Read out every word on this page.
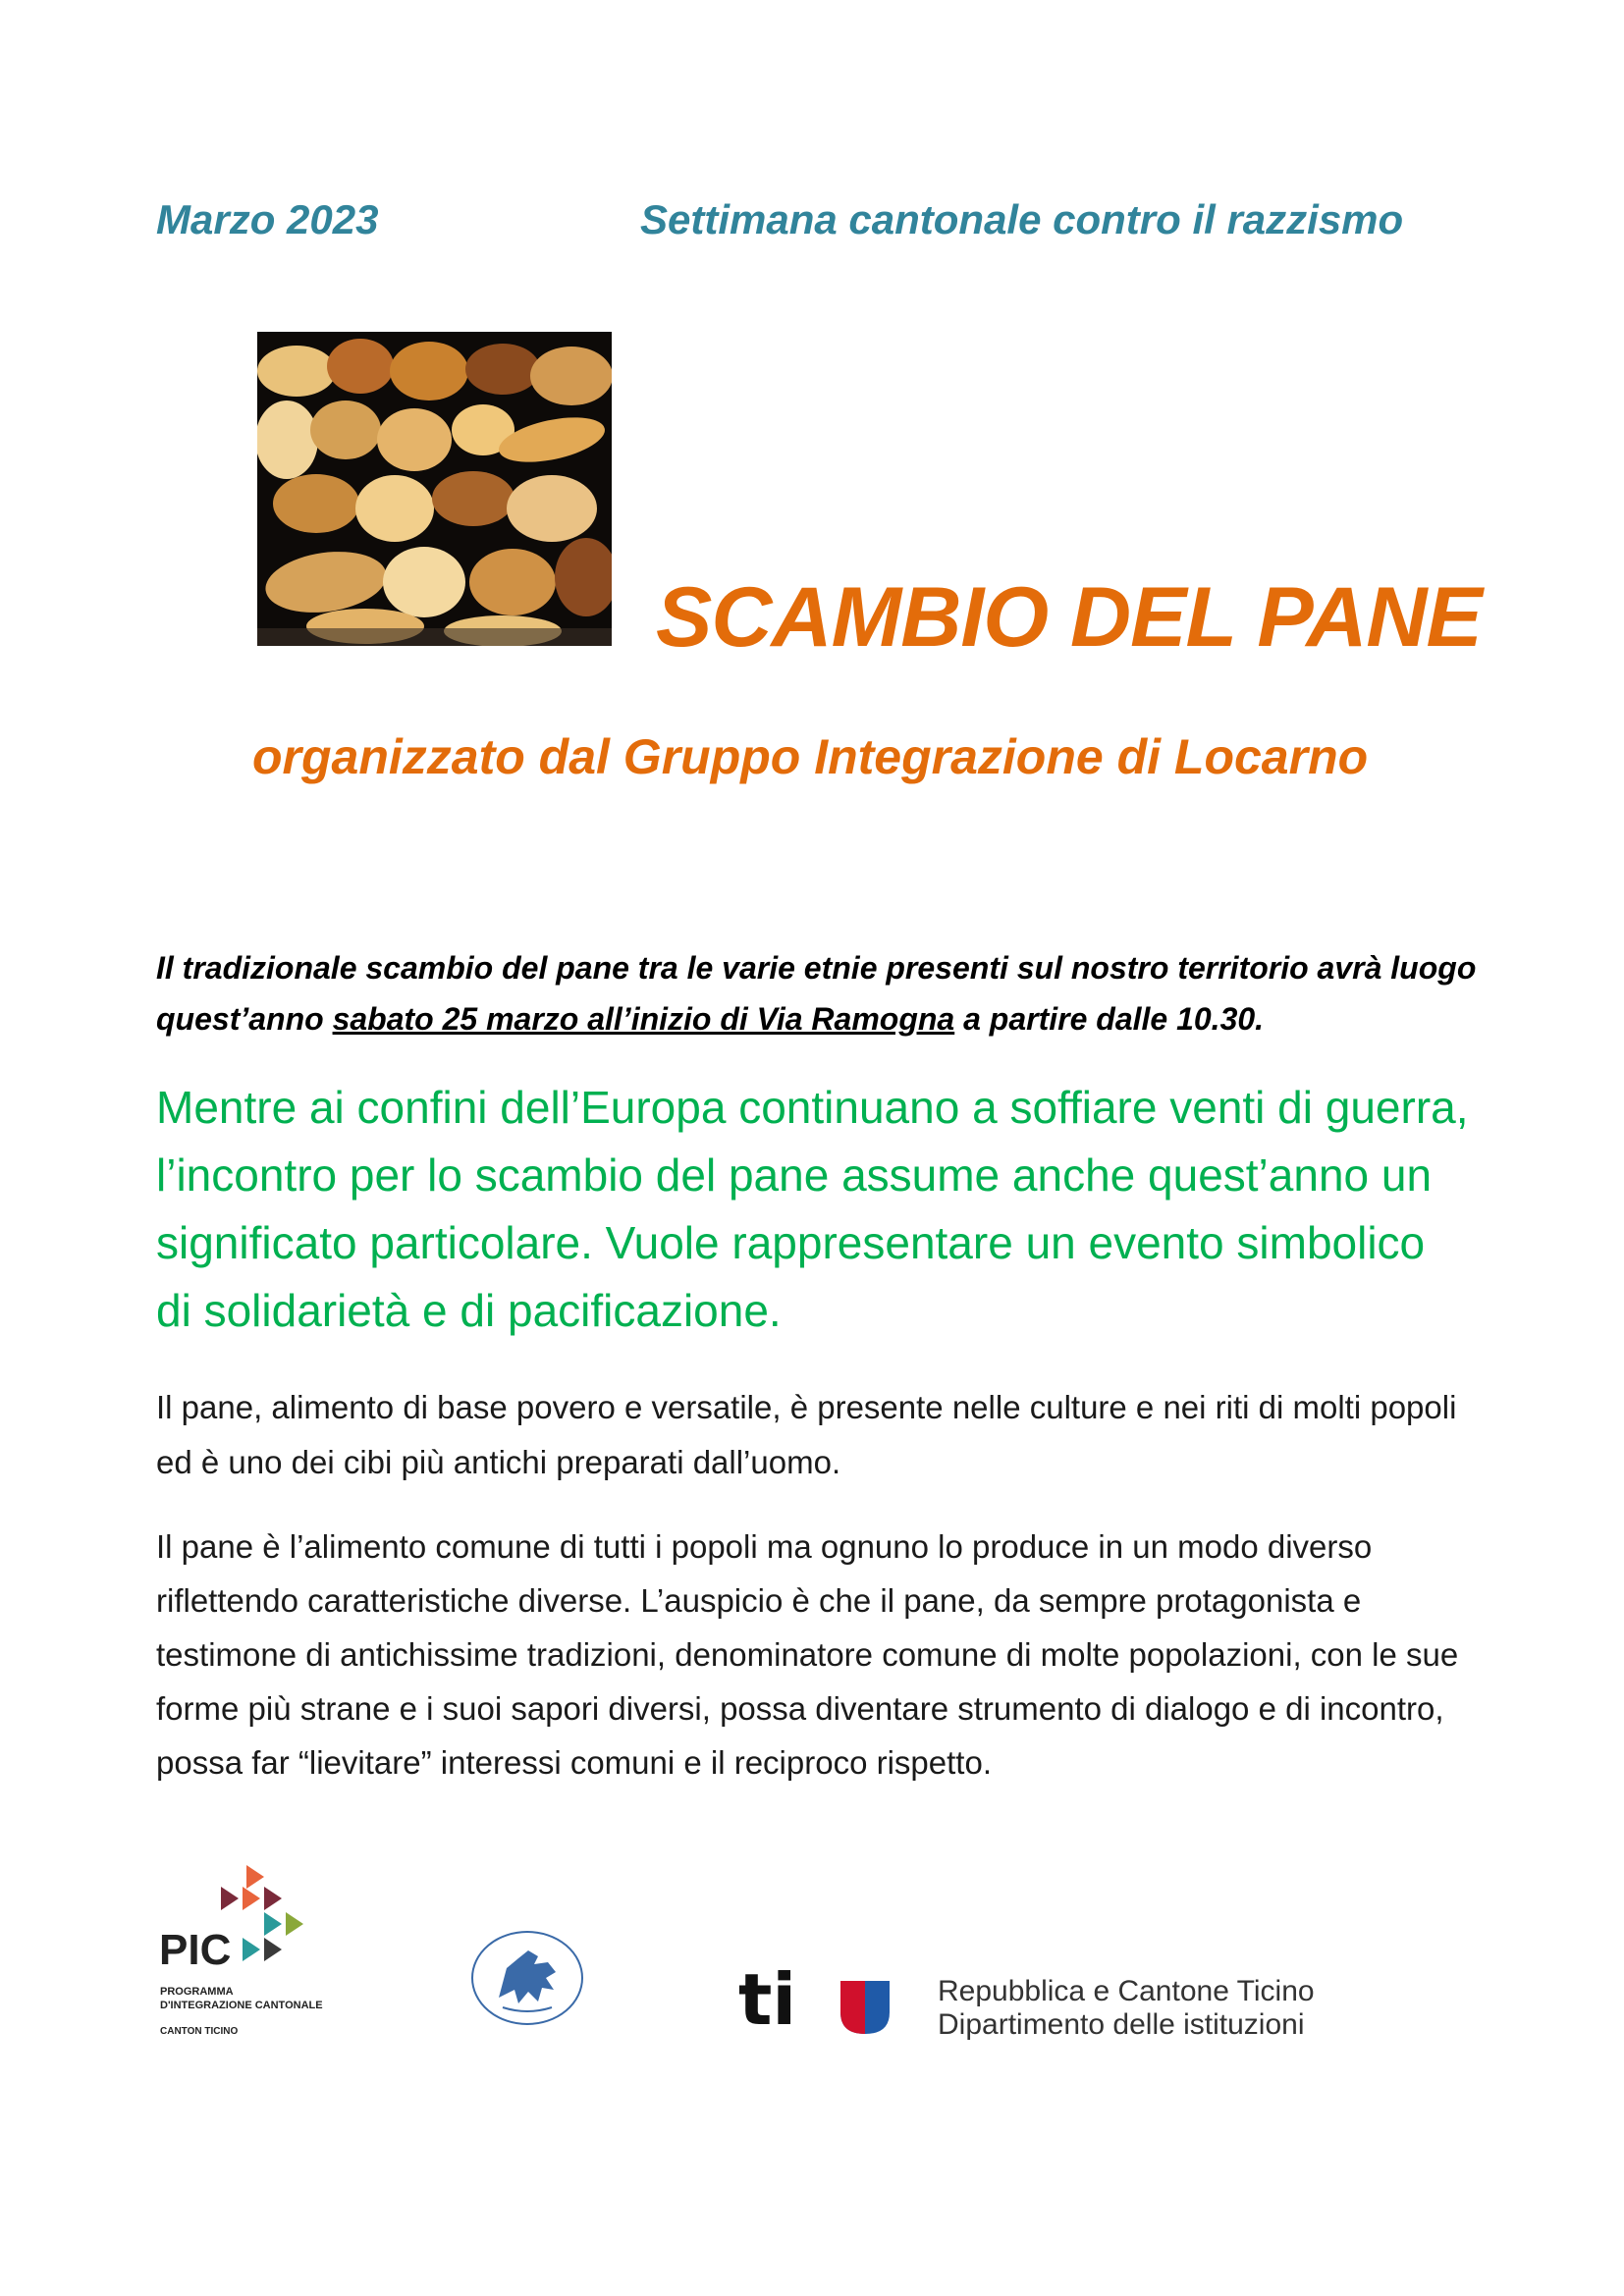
Marzo 2023	Settimana cantonale contro il razzismo
SCAMBIO DEL PANE
organizzato dal Gruppo Integrazione di Locarno
Il tradizionale scambio del pane tra le varie etnie presenti sul nostro territorio avrà luogo quest’anno sabato 25 marzo all’inizio di Via Ramogna a partire dalle 10.30.
Mentre ai confini dell’Europa continuano a soffiare venti di guerra, l’incontro per lo scambio del pane assume anche quest’anno un significato particolare. Vuole rappresentare un evento simbolico di solidarietà e di pacificazione.

Il pane, alimento di base povero e versatile, è presente nelle culture e nei riti di molti popoli ed è uno dei cibi più antichi preparati dall’uomo.

Il pane è l’alimento comune di tutti i popoli ma ognuno lo produce in un modo diverso riflettendo caratteristiche diverse. L’auspicio è che il pane, da sempre protagonista e testimone di antichissime tradizioni, denominatore comune di molte popolazioni, con le sue forme più strane e i suoi sapori diversi, possa diventare strumento di dialogo e di incontro, possa far “lievitare” interessi comuni e il reciproco rispetto.

PIC
PROGRAMMA
D'INTEGRAZIONE CANTONALE
CANTON TICINO	ti	Repubblica e Cantone Ticino
Dipartimento delle istituzioni
